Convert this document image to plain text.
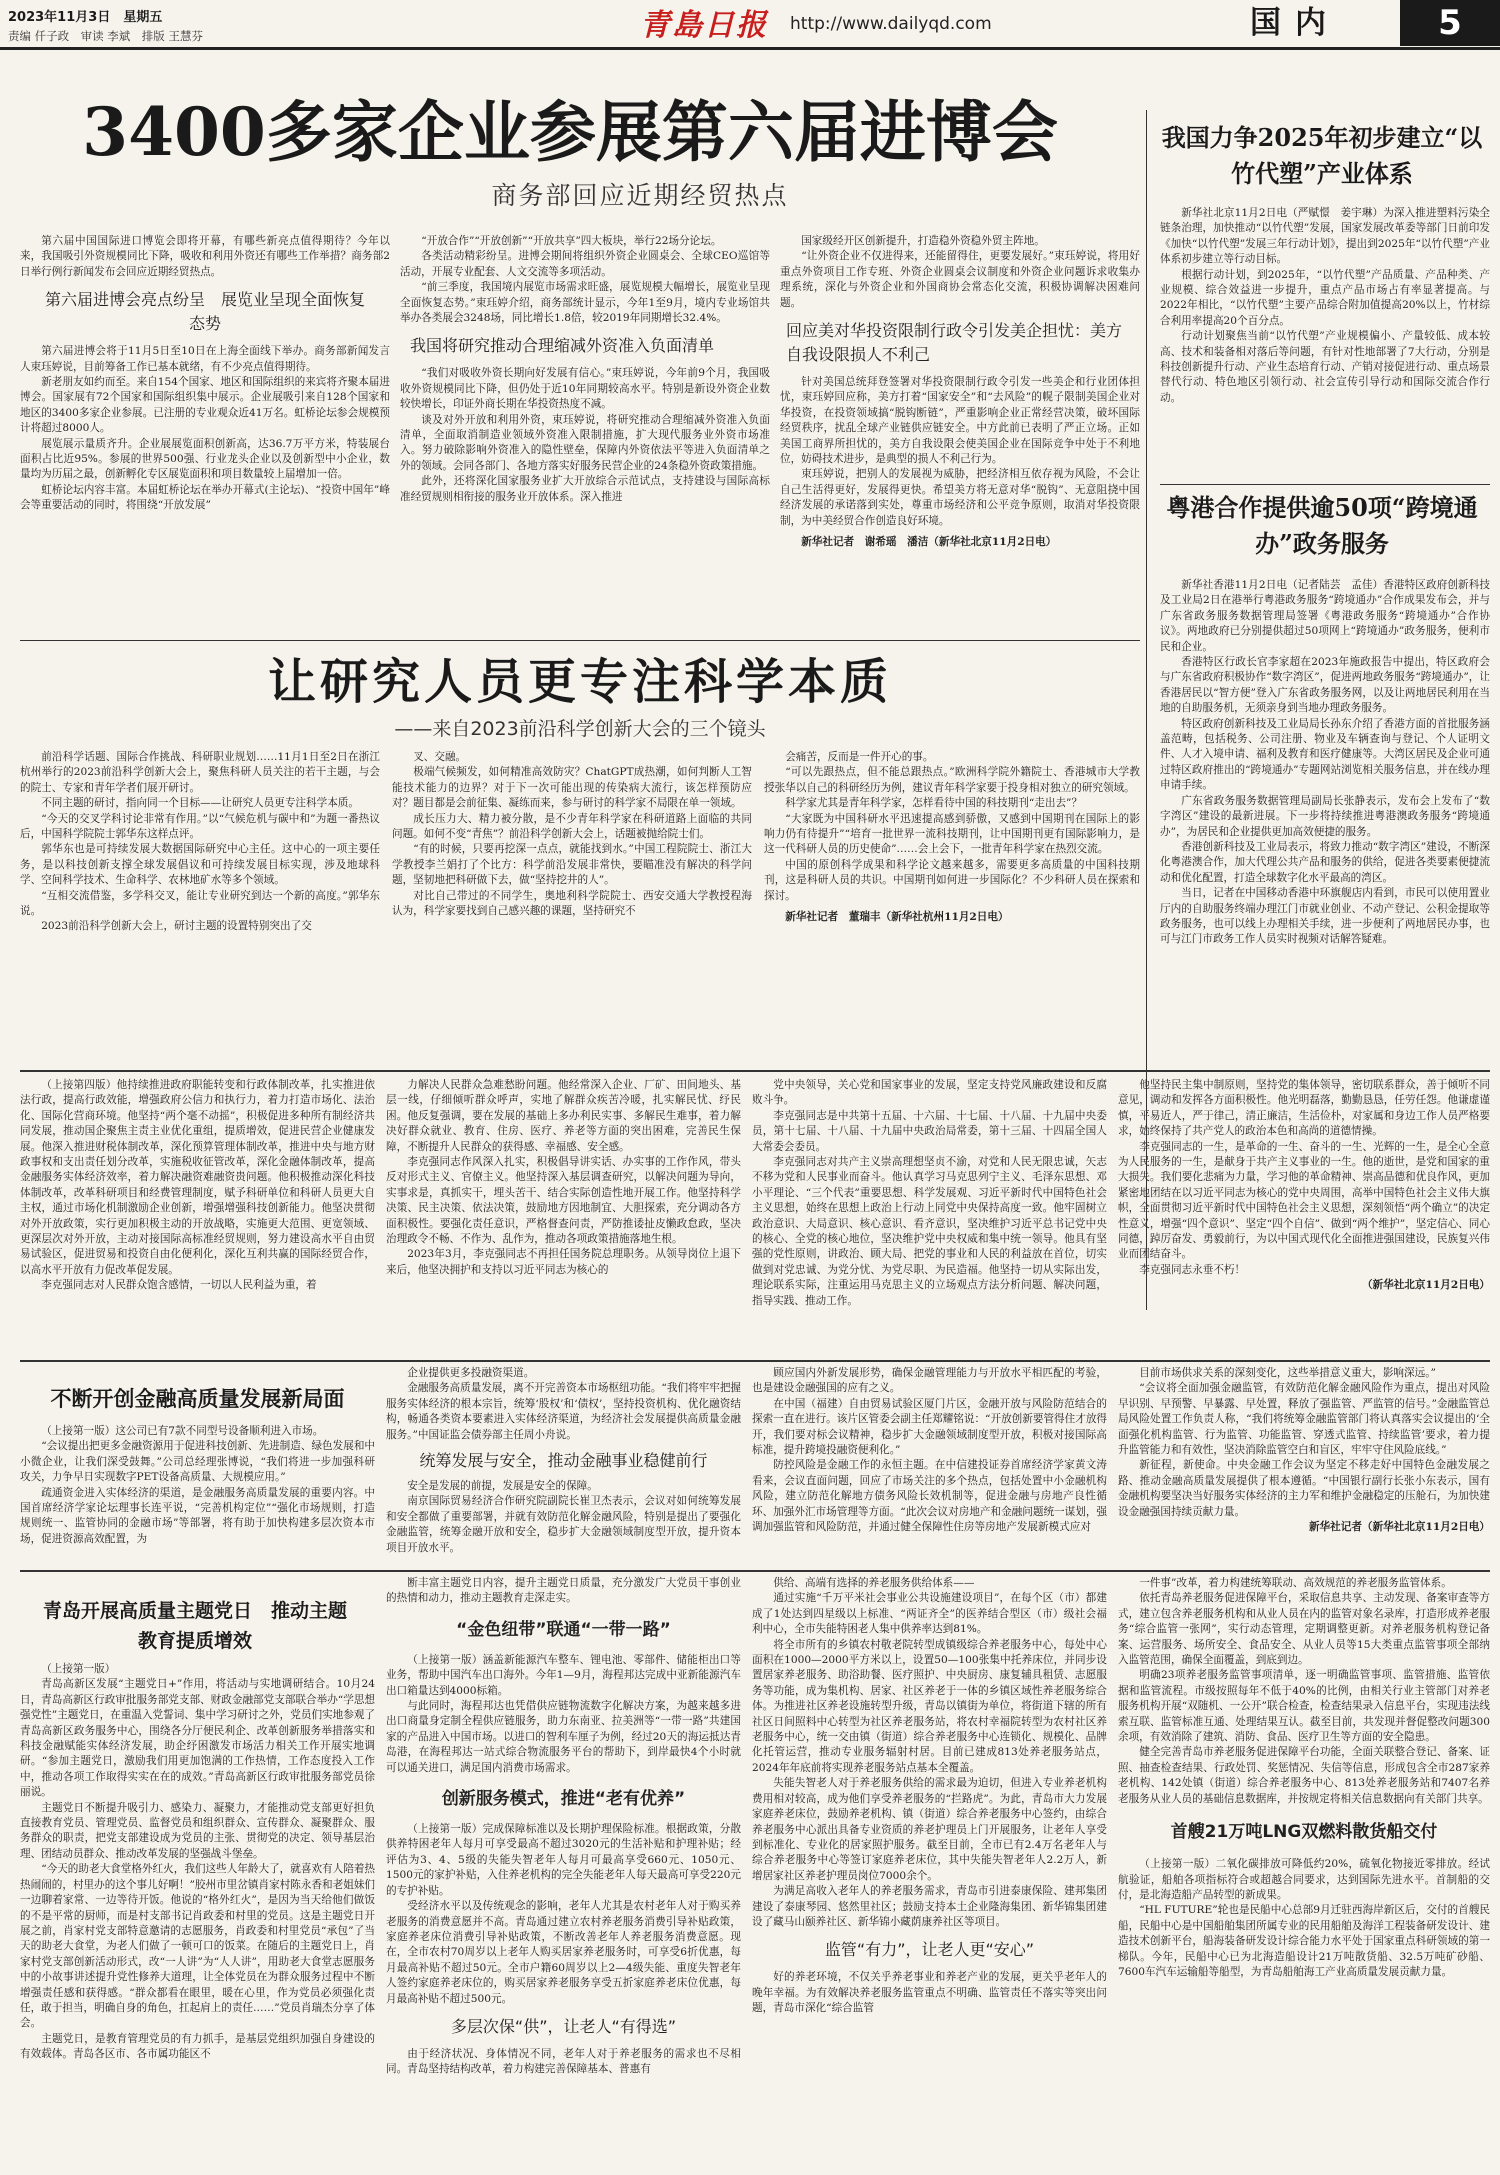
2023年11月3日　星期五
责编 仟子政　审读 李斌　排版 王慧芬	青島日报 http://www.dailyqd.com	国内	5
3400多家企业参展第六届进博会
商务部回应近期经贸热点

第六届中国国际进口博览会即将开幕，有哪些新亮点值得期待？今年以来，我国吸引外资规模同比下降，吸收和利用外资还有哪些工作举措？商务部2日举行例行新闻发布会回应近期经贸热点。

第六届进博会亮点纷呈　展览业呈现全面恢复态势

第六届进博会将于11月5日至10日在上海全面线下举办。商务部新闻发言人束珏婷说，目前筹备工作已基本就绪，有不少亮点值得期待。

新老朋友如约而至。来自154个国家、地区和国际组织的来宾将齐聚本届进博会。国家展有72个国家和国际组织集中展示。企业展吸引来自128个国家和地区的3400多家企业参展。已注册的专业观众近41万名。虹桥论坛参会规模预计将超过8000人。

展览展示量质齐升。企业展展览面积创新高，达36.7万平方米，特装展台面积占比近95%。参展的世界500强、行业龙头企业以及创新型中小企业，数量均为历届之最，创新孵化专区展览面积和项目数量较上届增加一倍。

虹桥论坛内容丰富。本届虹桥论坛在举办开幕式(主论坛)、“投资中国年”峰会等重要活动的同时，将围绕“开放发展”

“开放合作”“开放创新”“开放共享”四大板块，举行22场分论坛。

各类活动精彩纷呈。进博会期间将组织外资企业圆桌会、全球CEO巡馆等活动，开展专业配套、人文交流等多项活动。

“前三季度，我国境内展览市场需求旺盛，展览规模大幅增长，展览业呈现全面恢复态势。”束珏婷介绍，商务部统计显示，今年1至9月，境内专业场馆共举办各类展会3248场，同比增长1.8倍，较2019年同期增长32.4%。

我国将研究推动合理缩减外资准入负面清单

“我们对吸收外资长期向好发展有信心。”束珏婷说，今年前9个月，我国吸收外资规模同比下降，但仍处于近10年同期较高水平。特别是新设外资企业数较快增长，印证外商长期在华投资热度不减。

谈及对外开放和利用外资，束珏婷说，将研究推动合理缩减外资准入负面清单，全面取消制造业领域外资准入限制措施，扩大现代服务业外资市场准入。努力破除影响外资准入的隐性壁垒，保障内外资依法平等进入负面清单之外的领域。会同各部门、各地方落实好服务民营企业的24条稳外资政策措施。

此外，还将深化国家服务业扩大开放综合示范试点，支持建设与国际高标准经贸规则相衔接的服务业开放体系。深入推进

国家级经开区创新提升，打造稳外资稳外贸主阵地。

“让外资企业不仅进得来，还能留得住，更要发展好。”束珏婷说，将用好重点外资项目工作专班、外资企业圆桌会议制度和外资企业问题诉求收集办理系统，深化与外资企业和外国商协会常态化交流，积极协调解决困难问题。

回应美对华投资限制行政令引发美企担忧：美方自我设限损人不利己

针对美国总统拜登签署对华投资限制行政令引发一些美企和行业团体担忧，束珏婷回应称，美方打着“国家安全”和“去风险”的幌子限制美国企业对华投资，在投资领域搞“脱钩断链”，严重影响企业正常经营决策，破坏国际经贸秩序，扰乱全球产业链供应链安全。中方此前已表明了严正立场。正如美国工商界所担忧的，美方自我设限会使美国企业在国际竞争中处于不利地位，妨碍技术进步，是典型的损人不利己行为。

束珏婷说，把别人的发展视为威胁，把经济相互依存视为风险，不会让自己生活得更好，发展得更快。希望美方将无意对华“脱钩”、无意阻挠中国经济发展的承诺落到实处，尊重市场经济和公平竞争原则，取消对华投资限制，为中美经贸合作创造良好环境。

新华社记者　谢希瑶　潘洁（新华社北京11月2日电）
我国力争2025年初步建立“以竹代塑”产业体系

新华社北京11月2日电（严赋憬　姜宇琳）为深入推进塑料污染全链条治理，加快推动“以竹代塑”发展，国家发展改革委等部门日前印发《加快“以竹代塑”发展三年行动计划》，提出到2025年“以竹代塑”产业体系初步建立等行动目标。

根据行动计划，到2025年，“以竹代塑”产品质量、产品种类、产业规模、综合效益进一步提升，重点产品市场占有率显著提高。与2022年相比，“以竹代塑”主要产品综合附加值提高20%以上，竹材综合利用率提高20个百分点。

行动计划聚焦当前“以竹代塑”产业规模偏小、产量较低、成本较高、技术和装备相对落后等问题，有针对性地部署了7大行动，分别是科技创新提升行动、产业生态培育行动、产销对接促进行动、重点场景替代行动、特色地区引领行动、社会宣传引导行动和国际交流合作行动。

粤港合作提供逾50项“跨境通办”政务服务

新华社香港11月2日电（记者陆芸　孟佳）香港特区政府创新科技及工业局2日在港举行粤港政务服务“跨境通办”合作成果发布会，并与广东省政务服务数据管理局签署《粤港政务服务“跨境通办”合作协议》。两地政府已分别提供超过50项网上“跨境通办”政务服务，便利市民和企业。

香港特区行政长官李家超在2023年施政报告中提出，特区政府会与广东省政府积极协作“数字湾区”，促进两地政务服务“跨境通办”，让香港居民以“智方便”登入广东省政务服务网，以及让两地居民利用在当地的自助服务机，无须亲身到当地办理政务服务。

特区政府创新科技及工业局局长孙东介绍了香港方面的首批服务涵盖范畴，包括税务、公司注册、物业及车辆查询与登记、个人证明文件、人才入境申请、福利及教育和医疗健康等。大湾区居民及企业可通过特区政府推出的“跨境通办”专题网站浏览相关服务信息，并在线办理申请手续。

广东省政务服务数据管理局副局长张静表示，发布会上发布了“数字湾区”建设的最新进展。下一步将持续推进粤港澳政务服务“跨境通办”，为居民和企业提供更加高效便捷的服务。

香港创新科技及工业局表示，将致力推动“数字湾区”建设，不断深化粤港澳合作，加大代理公共产品和服务的供给，促进各类要素便捷流动和优化配置，打造全球数字化水平最高的湾区。

当日，记者在中国移动香港中环旗舰店内看到，市民可以使用置业厅内的自助服务终端办理江门市就业创业、不动产登记、公积金提取等政务服务，也可以线上办理相关手续，进一步便利了两地居民办事，也可与江门市政务工作人员实时视频对话解答疑难。

让研究人员更专注科学本质
——来自2023前沿科学创新大会的三个镜头

前沿科学话题、国际合作挑战、科研职业规划……11月1日至2日在浙江杭州举行的2023前沿科学创新大会上，聚焦科研人员关注的若干主题，与会的院士、专家和青年学者们展开研讨。

不同主题的研讨，指向同一个目标——让研究人员更专注科学本质。

“今天的交叉学科讨论非常有作用。”以“气候危机与碳中和”为题一番热议后，中国科学院院士郭华东这样点评。

郭华东也是可持续发展大数据国际研究中心主任。这中心的一项主要任务，是以科技创新支撑全球发展倡议和可持续发展目标实现，涉及地球科学、空间科学技术、生命科学、农林地矿水等多个领域。

“互相交流借鉴，多学科交叉，能让专业研究到达一个新的高度。”郭华东说。

2023前沿科学创新大会上，研讨主题的设置特别突出了交

叉、交融。

极端气候频发，如何精准高效防灾？ChatGPT成热潮，如何判断人工智能技术能力的边界？对于下一次可能出现的传染病大流行，该怎样预防应对？题目都是会前征集、凝练而来，参与研讨的科学家不局限在单一领域。

成长压力大、精力被分散，是不少青年科学家在科研道路上面临的共同问题。如何不变“青焦”？前沿科学创新大会上，话题被抛给院士们。

“有的时候，只要再挖深一点点，就能找到水。”中国工程院院士、浙江大学教授李兰娟打了个比方：科学前沿发展非常快，要瞄准没有解决的科学问题，坚韧地把科研做下去，做“坚持挖井的人”。

对比自己带过的不同学生，奥地利科学院院士、西安交通大学教授程海认为，科学家要找到自己感兴趣的课题，坚持研究不

会痛苦，反而是一件开心的事。

“可以先跟热点，但不能总跟热点。”欧洲科学院外籍院士、香港城市大学教授张华以自己的科研经历为例，建议青年科学家要于投身相对独立的研究领域。

科学家尤其是青年科学家，怎样看待中国的科技期刊“走出去”？

“大家既为中国科研水平迅速提高感到骄傲，又感到中国期刊在国际上的影响力仍有待提升”“培育一批世界一流科技期刊，让中国期刊更有国际影响力，是这一代科研人员的历史使命”……会上会下，一批青年科学家在热烈交流。

中国的原创科学成果和科学论文越来越多，需要更多高质量的中国科技期刊，这是科研人员的共识。中国期刊如何进一步国际化？不少科研人员在探索和探讨。

新华社记者　董瑞丰（新华社杭州11月2日电）

（上接第四版）他持续推进政府职能转变和行政体制改革，扎实推进依法行政，提高行政效能，增强政府公信力和执行力，着力打造市场化、法治化、国际化营商环境。他坚持“两个毫不动摇”，积极促进多种所有制经济共同发展，推动国企聚焦主责主业优化重组，提质增效，促进民营企业健康发展。他深入推进财税体制改革，深化预算管理体制改革，推进中央与地方财政事权和支出责任划分改革，实施税收征管改革，深化金融体制改革，提高金融服务实体经济效率，着力解决融资难融资贵问题。他积极推动深化科技体制改革，改革科研项目和经费管理制度，赋予科研单位和科研人员更大自主权，通过市场化机制激励企业创新，增强增强科技创新能力。他坚决贯彻对外开放政策，实行更加积极主动的开放战略，实施更大范围、更宽领域、更深层次对外开放，主动对接国际高标准经贸规则，努力建设高水平自由贸易试验区，促进贸易和投资自由化便利化，深化互利共赢的国际经贸合作，以高水平开放有力促改革促发展。

李克强同志对人民群众饱含感情，一切以人民利益为重，着

力解决人民群众急难愁盼问题。他经常深入企业、厂矿、田间地头、基层一线，仔细倾听群众呼声，实地了解群众疾苦冷暖，扎实解民忧、纾民困。他反复强调，要在发展的基础上多办利民实事、多解民生难事，着力解决好群众就业、教育、住房、医疗、养老等方面的突出困难，完善民生保障，不断提升人民群众的获得感、幸福感、安全感。

李克强同志作风深入扎实，积极倡导讲实话、办实事的工作作风，带头反对形式主义、官僚主义。他坚持深入基层调查研究，以解决问题为导向，实事求是，真抓实干，埋头苦干、结合实际创造性地开展工作。他坚持科学决策、民主决策、依法决策，鼓励地方因地制宜、大胆探索，充分调动各方面积极性。要强化责任意识，严格督查问责，严防推诿扯皮懒政怠政，坚决治理政令不畅、不作为、乱作为，推动各项政策措施落地生根。

2023年3月，李克强同志不再担任国务院总理职务。从领导岗位上退下来后，他坚决拥护和支持以习近平同志为核心的

党中央领导，关心党和国家事业的发展，坚定支持党风廉政建设和反腐败斗争。

李克强同志是中共第十五届、十六届、十七届、十八届、十九届中央委员，第十七届、十八届、十九届中央政治局常委，第十三届、十四届全国人大常委会委员。

李克强同志对共产主义崇高理想坚贞不渝，对党和人民无限忠诚，矢志不移为党和人民事业而奋斗。他认真学习马克思列宁主义、毛泽东思想、邓小平理论、“三个代表”重要思想、科学发展观、习近平新时代中国特色社会主义思想，始终在思想上政治上行动上同党中央保持高度一致。他牢固树立政治意识、大局意识、核心意识、看齐意识，坚决维护习近平总书记党中央的核心、全党的核心地位，坚决维护党中央权威和集中统一领导。他具有坚强的党性原则，讲政治、顾大局、把党的事业和人民的利益放在首位，切实做到对党忠诚、为党分忧、为党尽职、为民造福。他坚持一切从实际出发，理论联系实际，注重运用马克思主义的立场观点方法分析问题、解决问题，指导实践、推动工作。

他坚持民主集中制原则，坚持党的集体领导，密切联系群众，善于倾听不同意见，调动和发挥各方面积极性。他光明磊落，勤勤恳恳，任劳任怨。他谦虚谨慎，平易近人，严于律己，清正廉洁，生活俭朴，对家属和身边工作人员严格要求，始终保持了共产党人的政治本色和高尚的道德情操。

李克强同志的一生，是革命的一生、奋斗的一生、光辉的一生，是全心全意为人民服务的一生，是献身于共产主义事业的一生。他的逝世，是党和国家的重大损失。我们要化悲痛为力量，学习他的革命精神、崇高品德和优良作风，更加紧密地团结在以习近平同志为核心的党中央周围，高举中国特色社会主义伟大旗帜，全面贯彻习近平新时代中国特色社会主义思想，深刻领悟“两个确立”的决定性意义，增强“四个意识”、坚定“四个自信”、做到“两个维护”，坚定信心、同心同德，踔厉奋发、勇毅前行，为以中国式现代化全面推进强国建设，民族复兴伟业而团结奋斗。

李克强同志永垂不朽！

（新华社北京11月2日电）
不断开创金融高质量发展新局面

（上接第一版）这公司已有7款不同型号设备顺利进入市场。

“会议提出把更多金融资源用于促进科技创新、先进制造、绿色发展和中小微企业，让我们深受鼓舞。”公司总经理张博说，“我们将进一步加强科研攻关，力争早日实现数字PET设备高质量、大规模应用。”

疏通资金进入实体经济的渠道，是金融服务高质量发展的重要内容。中国首席经济学家论坛理事长连平说，“完善机构定位”“强化市场规则，打造规则统一、监管协同的金融市场”等部署，将有助于加快构建多层次资本市场，促进资源高效配置，为

企业提供更多投融资渠道。

金融服务高质量发展，离不开完善资本市场枢纽功能。“我们将牢牢把握服务实体经济的根本宗旨，统筹‘股权’和‘债权’，坚持投资机构、优化融资结构，畅通各类资本要素进入实体经济渠道，为经济社会发展提供高质量金融服务。”中国证监会债券部主任周小舟说。

统筹发展与安全，推动金融事业稳健前行

安全是发展的前提，发展是安全的保障。

南京国际贸易经济合作研究院副院长崔卫杰表示，会议对如何统筹发展和安全都做了重要部署，并就有效防范化解金融风险，特别是提出了要强化金融监管，统筹金融开放和安全，稳步扩大金融领域制度型开放，提升资本项目开放水平。

顾应国内外新发展形势，确保金融管理能力与开放水平相匹配的考验，也是建设金融强国的应有之义。

在中国（福建）自由贸易试验区厦门片区，金融开放与风险防范结合的探索一直在进行。该片区管委会副主任郑耀铭说：“开放创新要管得住才放得开，我们要对标会议精神，稳步扩大金融领域制度型开放，积极对接国际高标准，提升跨境投融资便利化。”

防控风险是金融工作的永恒主题。在中信建投证券首席经济学家黄文涛看来，会议直面问题，回应了市场关注的多个热点，包括处置中小金融机构风险，建立防范化解地方债务风险长效机制等，促进金融与房地产良性循环、加强外汇市场管理等方面。“此次会议对房地产和金融问题统一谋划，强调加强监管和风险防范，并通过健全保障性住房等房地产发展新模式应对

目前市场供求关系的深刻变化，这些举措意义重大，影响深远。”

“会议将全面加强金融监管，有效防范化解金融风险作为重点，提出对风险早识别、早预警、早暴露、早处置，释放了强监管、严监管的信号。”金融监管总局风险处置工作负责人称，“我们将统筹金融监管部门将认真落实会议提出的‘全面强化机构监管、行为监管、功能监管、穿透式监管、持续监管’要求，着力提升监管能力和有效性，坚决消除监管空白和盲区，牢牢守住风险底线。”

新征程，新使命。中央金融工作会议为坚定不移走好中国特色金融发展之路、推动金融高质量发展提供了根本遵循。“中国银行副行长张小东表示，国有金融机构要坚决当好服务实体经济的主力军和维护金融稳定的压舱石，为加快建设金融强国持续贡献力量。

新华社记者（新华社北京11月2日电）
青岛开展高质量主题党日　推动主题教育提质增效

（上接第一版）

青岛高新区发展“主题党日+”作用，将活动与实地调研结合。10月24日，青岛高新区行政审批服务部党支部、财政金融部党支部联合举办“学思想 强党性”主题党日，在重温入党誓词、集中学习研讨之外，党员们实地参观了青岛高新区政务服务中心，围绕各分厅便民利企、改革创新服务举措落实和科技金融赋能实体经济发展，助企纾困激发市场活力相关工作开展实地调研。“参加主题党日，激励我们用更加饱满的工作热情，工作态度投入工作中，推动各项工作取得实实在在的成效。”青岛高新区行政审批服务部党员徐丽说。

主题党日不断提升吸引力、感染力、凝聚力，才能推动党支部更好担负直接教育党员、管理党员、监督党员和组织群众、宣传群众、凝聚群众、服务群众的职责，把党支部建设成为党员的主张、贯彻党的决定、领导基层治理、团结动员群众、推动改革发展的坚强战斗堡垒。

“今天的助老大食堂格外红火，我们这些人年龄大了，就喜欢有人陪着热热闹闹的，村里办的这个事儿好啊！”胶州市里岔镇肖家村陈永香和老姐妹们一边聊着家常、一边等待开饭。他说的“格外红火”，是因为当天给他们做饭的不是平常的厨师，而是村支部书记肖政委和村里的党员。这是主题党日开展之前，肖家村党支部特意邀请的志愿服务，肖政委和村里党员“承包”了当天的助老大食堂，为老人们做了一顿可口的饭菜。在随后的主题党日上，肖家村党支部创新活动形式，改“一人讲”为“人人讲”，用助老大食堂志愿服务中的小故事讲述提升党性修养大道理，让全体党员在为群众服务过程中不断增强责任感和获得感。“群众都看在眼里，暖在心里，作为党员必须强化责任，敢于担当，明确自身的角色，扛起肩上的责任……”党员肖瑞杰分享了体会。

主题党日，是教育管理党员的有力抓手，是基层党组织加强自身建设的有效载体。青岛各区市、各市属功能区不

断丰富主题党日内容，提升主题党日质量，充分激发广大党员干事创业的热情和动力，推动主题教育走深走实。

“金色纽带”联通“一带一路”

（上接第一版）涵盖新能源汽车整车、锂电池、零部件、储能柜出口等业务，帮助中国汽车出口海外。今年1—9月，海程邦达完成中亚新能源汽车出口箱量达到4000标箱。

与此同时，海程邦达也凭借供应链物流数字化解决方案，为越来越多进出口商量身定制全程供应链服务，助力东南亚、拉美洲等“一带一路”共建国家的产品进入中国市场。以进口的智利车厘子为例，经过20天的海运抵达青岛港，在海程邦达一站式综合物流服务平台的帮助下，到岸最快4个小时就可以通关进口，满足国内消费市场需求。

创新服务模式，推进“老有优养”

（上接第一版）完成保障标准以及长期护理保险标准。根据政策，分散供养特困老年人每月可享受最高不超过3020元的生活补贴和护理补贴；经评估为3、4、5级的失能失智老年人每月可最高享受660元、1050元、1500元的家护补贴，入住养老机构的完全失能老年人每天最高可享受220元的专护补贴。

受经济水平以及传统观念的影响，老年人尤其是农村老年人对于购买养老服务的消费意愿并不高。青岛通过建立农村养老服务消费引导补贴政策，家庭养老床位消费引导补贴政策，不断改善老年人养老服务消费意愿。现在，全市农村70周岁以上老年人购买居家养老服务时，可享受6折优惠，每月最高补贴不超过50元。全市户籍60周岁以上2—4级失能、重度失智老年人签约家庭养老床位的，购买居家养老服务享受五折家庭养老床位优惠，每月最高补贴不超过500元。

多层次保“供”，让老人“有得选”

由于经济状况、身体情况不同，老年人对于养老服务的需求也不尽相同。青岛坚持结构改革，着力构建完善保障基本、普惠有

供给、高端有选择的养老服务供给体系——

通过实施“千万平米社会事业公共设施建设项目”，在每个区（市）都建成了1处达到四星级以上标准、“两证齐全”的医养结合型区（市）级社会福利中心，全市失能特困老人集中供养率达到81%。

将全市所有的乡镇农村敬老院转型成镇级综合养老服务中心，每处中心面积在1000—2000平方米以上，设置50—100张集中托养床位，并同步设置居家养老服务、助浴助餐、医疗照护、中央厨房、康复辅具租赁、志愿服务等功能，成为集机构、居家、社区养老于一体的乡镇区域性养老服务综合体。为推进社区养老设施转型升级，青岛以镇街为单位，将街道下辖的所有社区日间照料中心转型为社区养老服务站，将农村幸福院转型为农村社区养老服务中心，统一交由镇（街道）综合养老服务中心连锁化、规模化、品牌化托管运营，推动专业服务辐射村居。目前已建成813处养老服务站点，2024年年底前将实现养老服务站点基本全覆盖。

失能失智老人对于养老服务供给的需求最为迫切，但进入专业养老机构费用相对较高，成为他们享受养老服务的“拦路虎”。为此，青岛市大力发展家庭养老床位，鼓励养老机构、镇（街道）综合养老服务中心签约，由综合养老服务中心派出具备专业资质的养老护理员上门开展服务，让老年人享受到标准化、专业化的居家照护服务。截至目前，全市已有2.4万名老年人与综合养老服务中心等签订家庭养老床位，其中失能失智老年人2.2万人，新增居家社区养老护理员岗位7000余个。

为满足高收入老年人的养老服务需求，青岛市引进泰康保险、建邦集团建设了泰康琴园、悠然里社区；鼓励支持本土企业隆海集团、新华锦集团建设了藏马山颐养社区、新华锦小藏荫康养社区等项目。

监管“有力”，让老人更“安心”

好的养老环境，不仅关乎养老事业和养老产业的发展，更关乎老年人的晚年幸福。为有效解决养老服务监管重点不明确、监管责任不落实等突出问题，青岛市深化“综合监管

一件事”改革，着力构建统筹联动、高效规范的养老服务监管体系。

依托青岛养老服务促进保障平台，采取信息共享、主动发现、备案审查等方式，建立包含养老服务机构和从业人员在内的监管对象名录库，打造形成养老服务“综合监管一张网”，实行动态管理，定期调整更新。对养老服务机构登记备案、运营服务、场所安全、食品安全、从业人员等15大类重点监管事项全部纳入监管范围，确保全面覆盖，到底到边。

明确23项养老服务监管事项清单，逐一明确监管事项、监管措施、监管依据和监管流程。市级按照每年不低于40%的比例，由相关行业主管部门对养老服务机构开展“双随机、一公开”联合检查，检查结果录入信息平台，实现违法线索互联、监管标准互通、处理结果互认。截至目前，共发现并督促整改问题300余项，有效消除了建筑、消防、食品、医疗卫生等方面的安全隐患。

健全完善青岛市养老服务促进保障平台功能，全面关联整合登记、备案、证照、抽查检查结果、行政处罚、奖惩情况、失信等信息，形成包含全市287家养老机构、142处镇（街道）综合养老服务中心、813处养老服务站和7407名养老服务从业人员的基础信息数据库，并按规定将相关信息数据向有关部门共享。

首艘21万吨LNG双燃料散货船交付

（上接第一版）二氧化碳排放可降低约20%，硫氧化物接近零排放。经试航验证，船舶各项指标符合或超越合同要求，达到国际先进水平。首制船的交付，是北海造船产品转型的新成果。

“HL FUTURE”轮也是民船中心总部9月迁驻西海岸新区后，交付的首艘民船，民船中心是中国船舶集团所属专业的民用船舶及海洋工程装备研发设计、建造技术创新平台，船海装备研发设计综合能力水平处于国家重点科研领域的第一梯队。今年，民船中心已为北海造船设计21万吨散货船、32.5万吨矿砂船、7600车汽车运输船等船型，为青岛船舶海工产业高质量发展贡献力量。
